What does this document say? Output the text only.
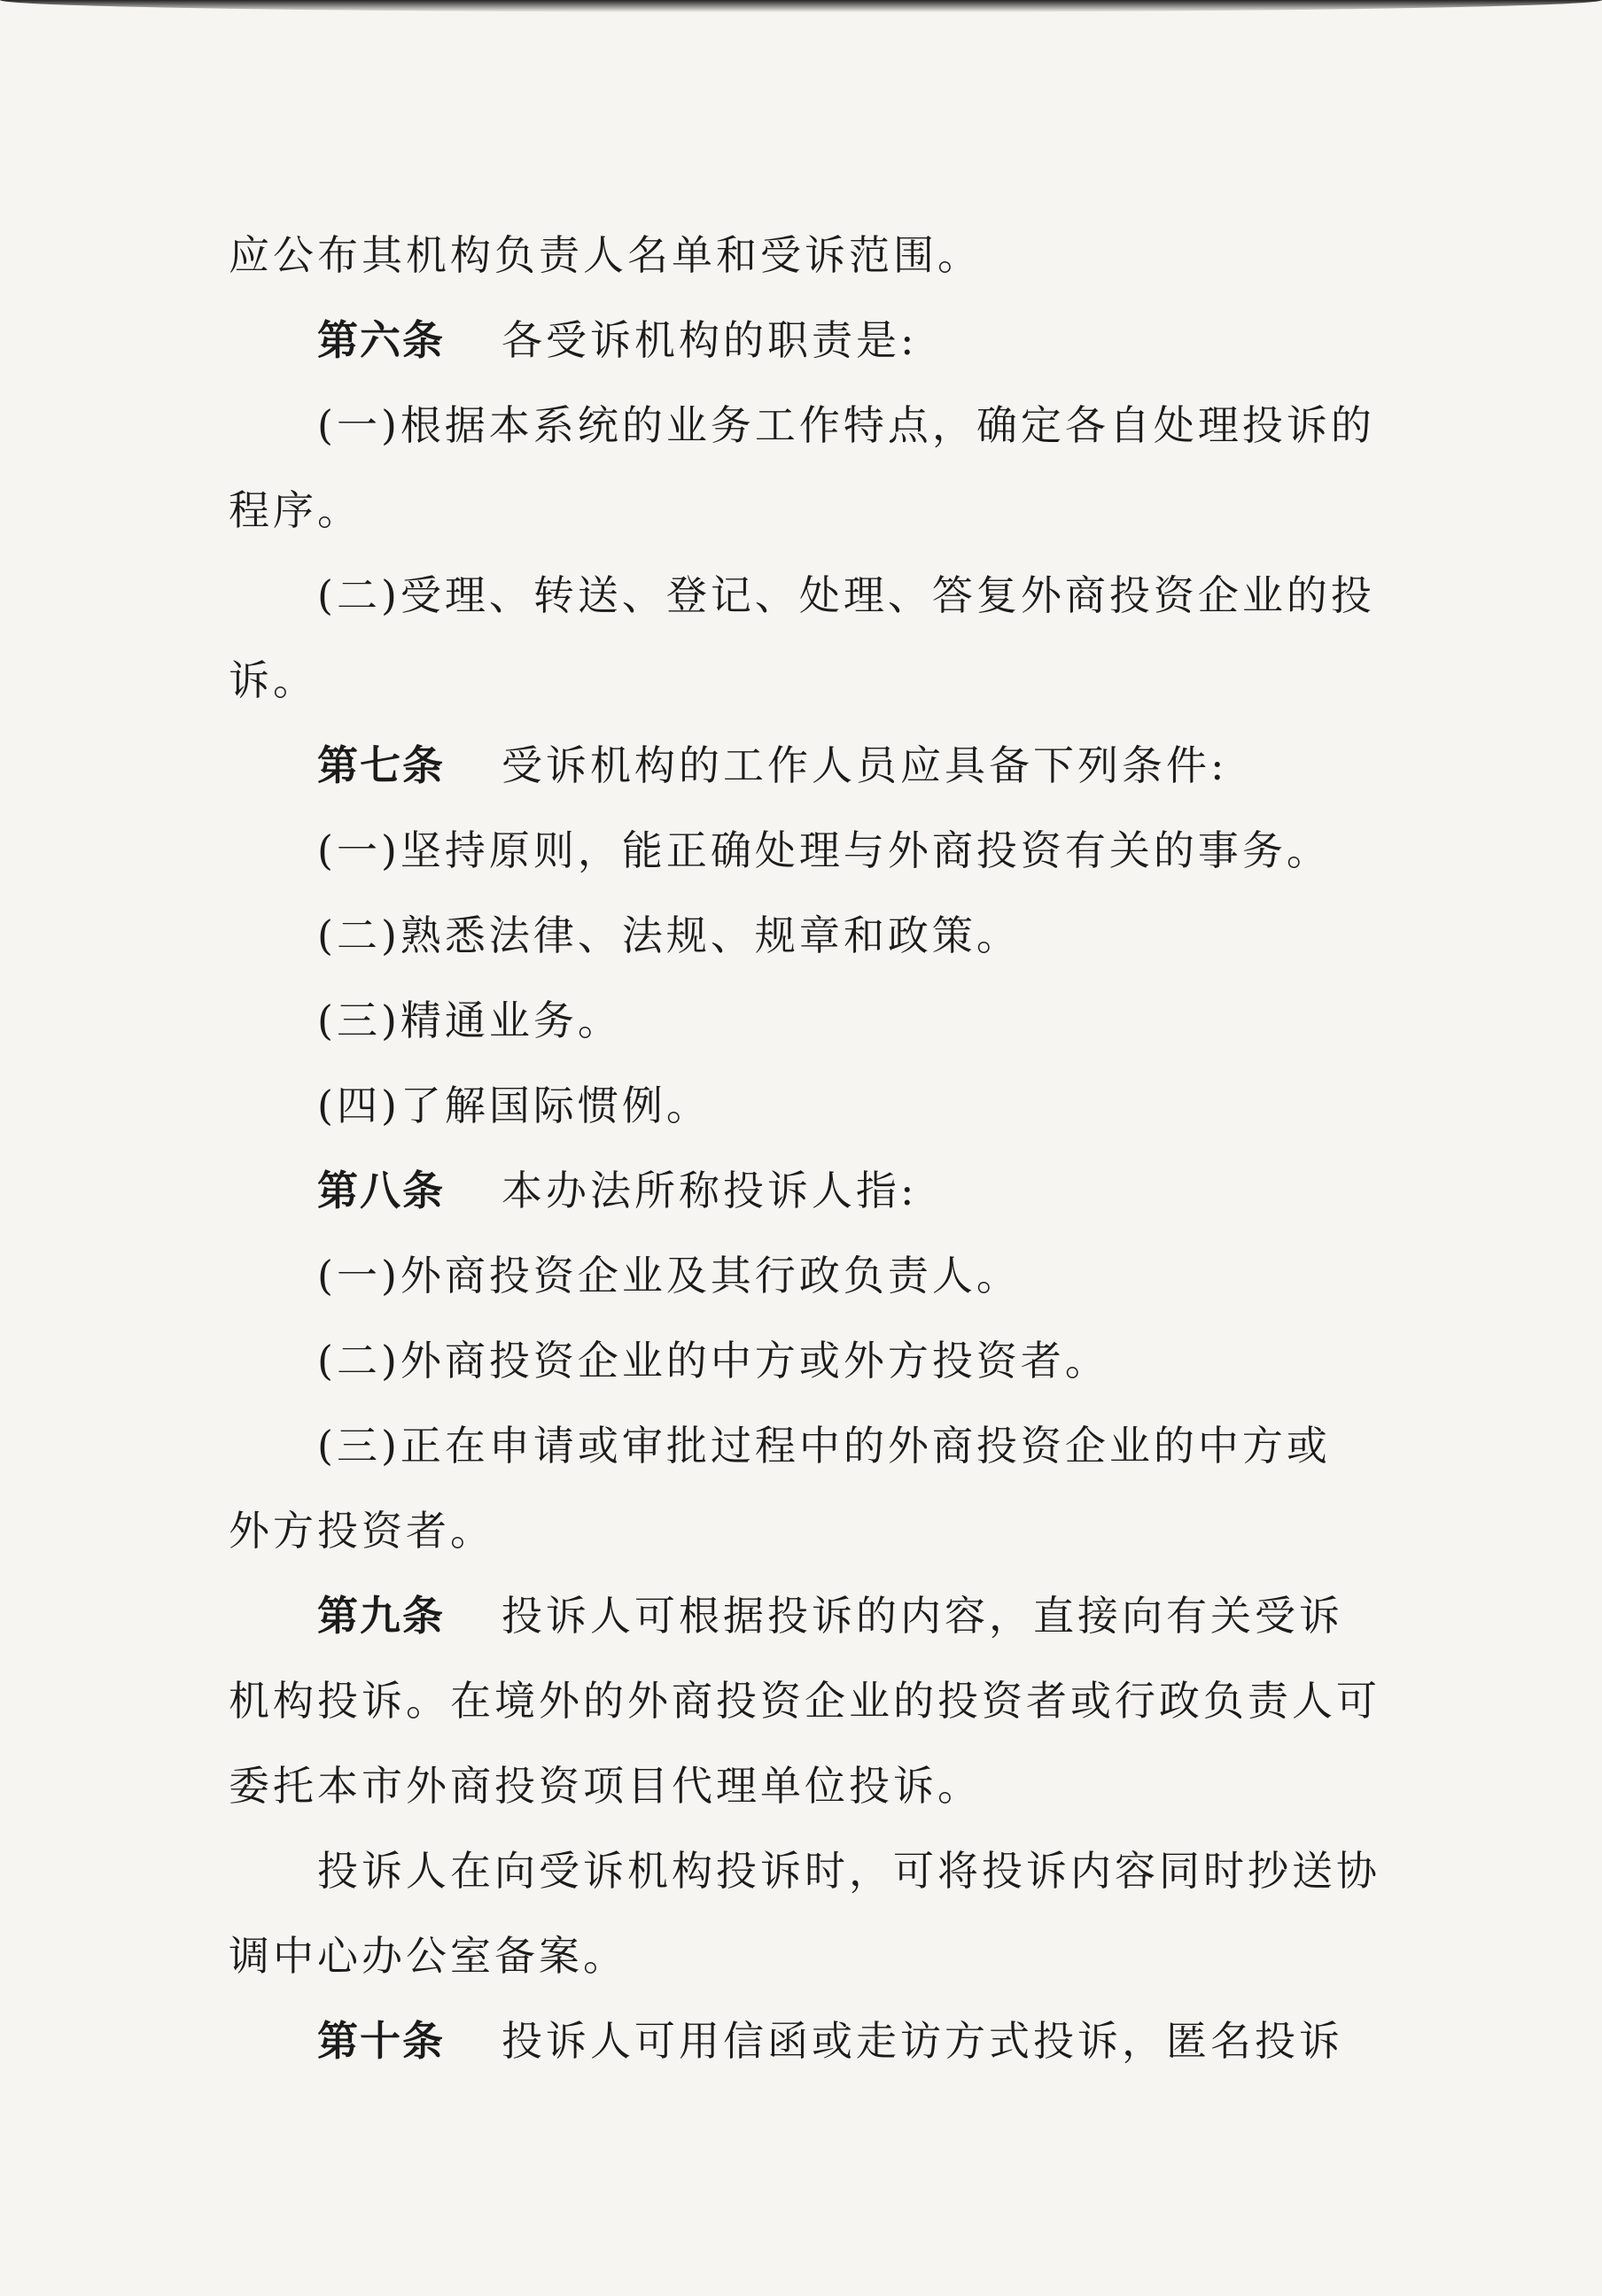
应公布其机构负责人名单和受诉范围。
第六条 各受诉机构的职责是:
(一)根据本系统的业务工作特点，确定各自处理投诉的
程序。
(二)受理、转送、登记、处理、答复外商投资企业的投
诉。
第七条 受诉机构的工作人员应具备下列条件:
(一)坚持原则，能正确处理与外商投资有关的事务。
(二)熟悉法律、法规、规章和政策。
(三)精通业务。
(四)了解国际惯例。
第八条 本办法所称投诉人指:
(一)外商投资企业及其行政负责人。
(二)外商投资企业的中方或外方投资者。
(三)正在申请或审批过程中的外商投资企业的中方或
外方投资者。
第九条 投诉人可根据投诉的内容，直接向有关受诉
机构投诉。在境外的外商投资企业的投资者或行政负责人可
委托本市外商投资项目代理单位投诉。
投诉人在向受诉机构投诉时，可将投诉内容同时抄送协
调中心办公室备案。
第十条 投诉人可用信函或走访方式投诉，匿名投诉
